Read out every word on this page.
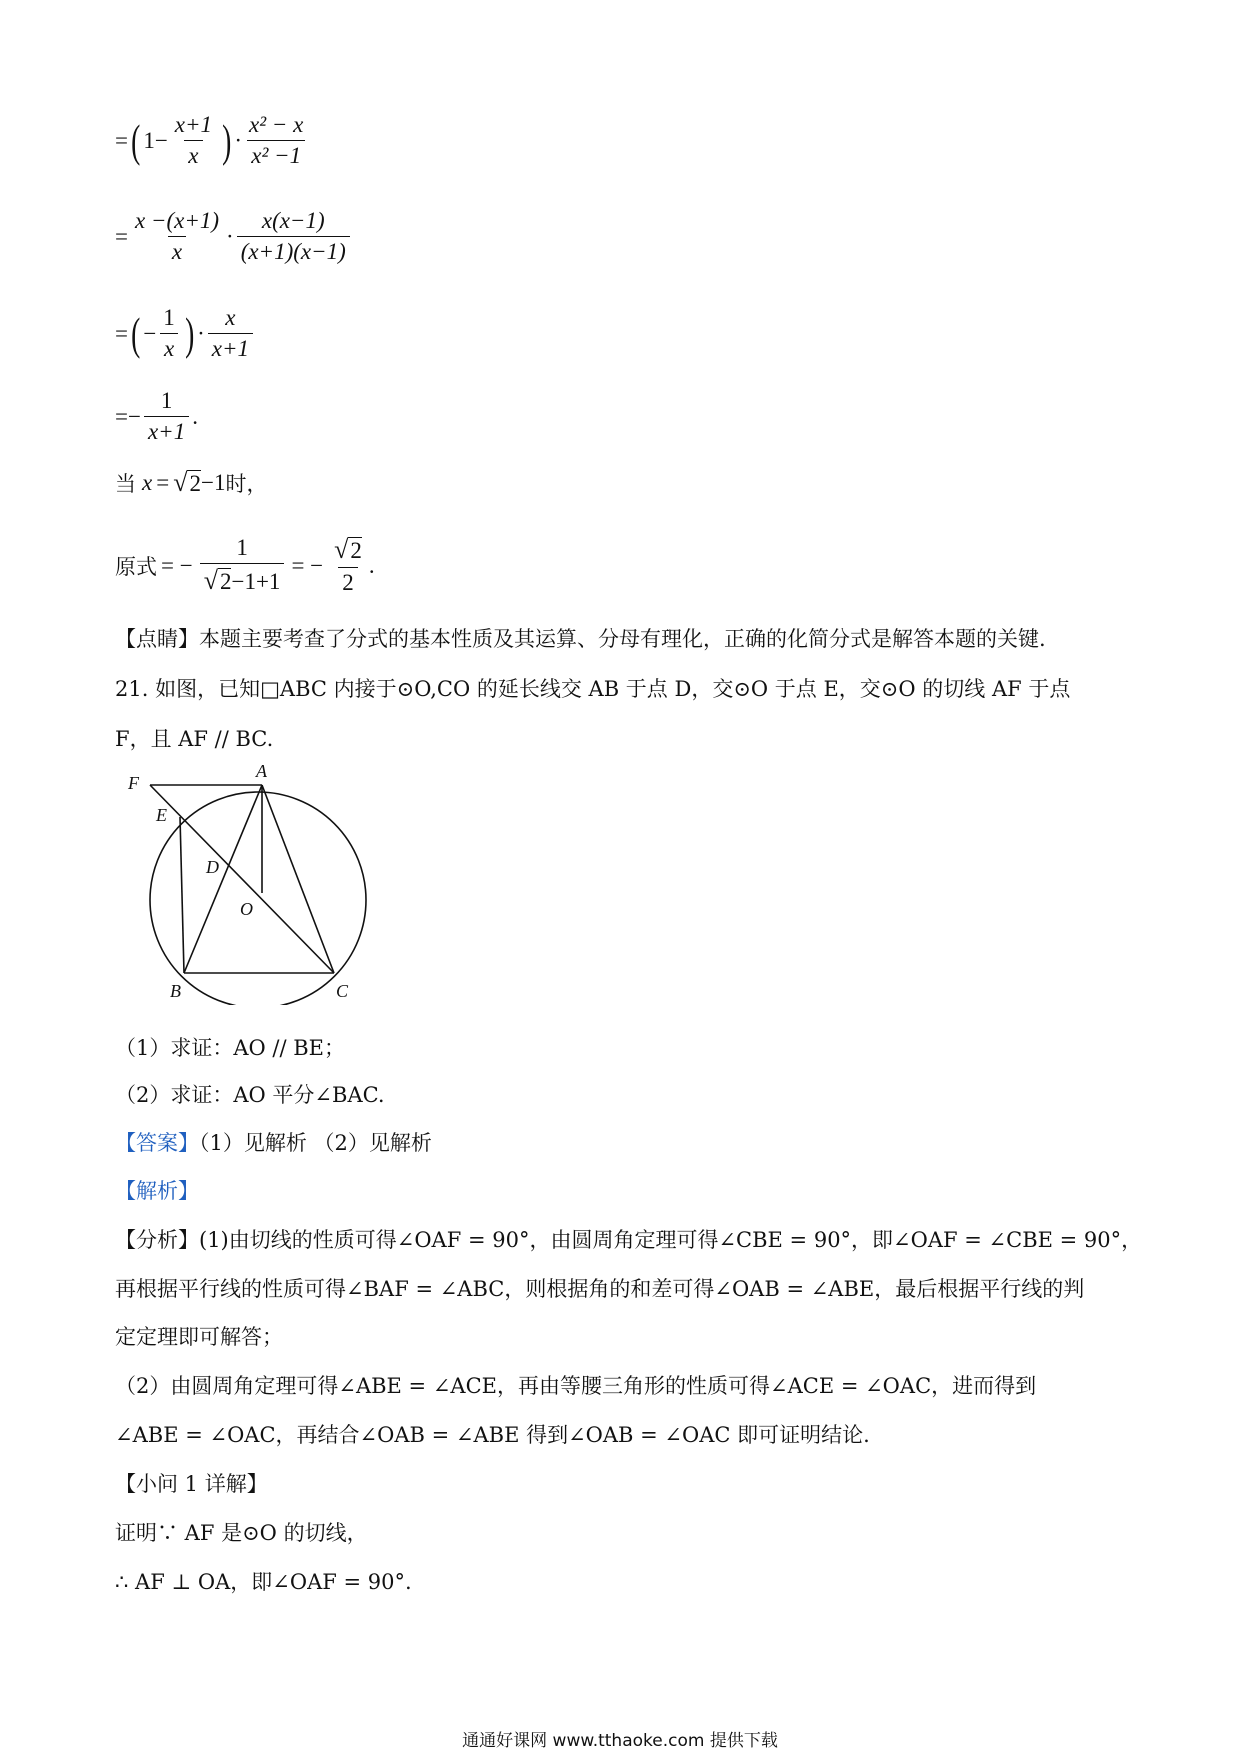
= ( $1 - \frac{x+1}{x}$ ) · $\frac{\text{x² − x}}{\text{x² −1}}$
= $\frac{x -(x+1)}{x} \cdot \frac{x(x-1)}{(x+1)(x-1)}$
= ( − $\frac{1}{x}$ ) · $\frac{x}{x+1}$
= − $\frac{1}{x+1}$ .
当 x = √ 2 −1 时，
原式 = − $\frac{1}{√2-1+1}$ = − $\frac{√2}{2}$ .
【点睛】本题主要考查了分式的基本性质及其运算、分母有理化，正确的化简分式是解答本题的关键.
21. 如图，已知□ABC 内接于⊙O,CO 的延长线交 AB 于点 D，交⊙O 于点 E，交⊙O 的切线 AF 于点
F，且 AF // BC.
F
A
E
D
O
B	C
（1）求证：AO // BE；
（2）求证：AO 平分∠BAC.
【答案】（1）见解析 （2）见解析
【解析】
【分析】(1)由切线的性质可得∠OAF = 90°，由圆周角定理可得∠CBE = 90°，即∠OAF = ∠CBE = 90°，
再根据平行线的性质可得∠BAF = ∠ABC，则根据角的和差可得∠OAB = ∠ABE，最后根据平行线的判
定定理即可解答；
（2）由圆周角定理可得∠ABE = ∠ACE，再由等腰三角形的性质可得∠ACE = ∠OAC，进而得到
∠ABE = ∠OAC，再结合∠OAB = ∠ABE 得到∠OAB = ∠OAC 即可证明结论.
【小问 1 详解】
证明∵ AF 是⊙O 的切线，
∴ AF ⊥ OA，即∠OAF = 90°.
通通好课网 www.tthaoke.com 提供下载
